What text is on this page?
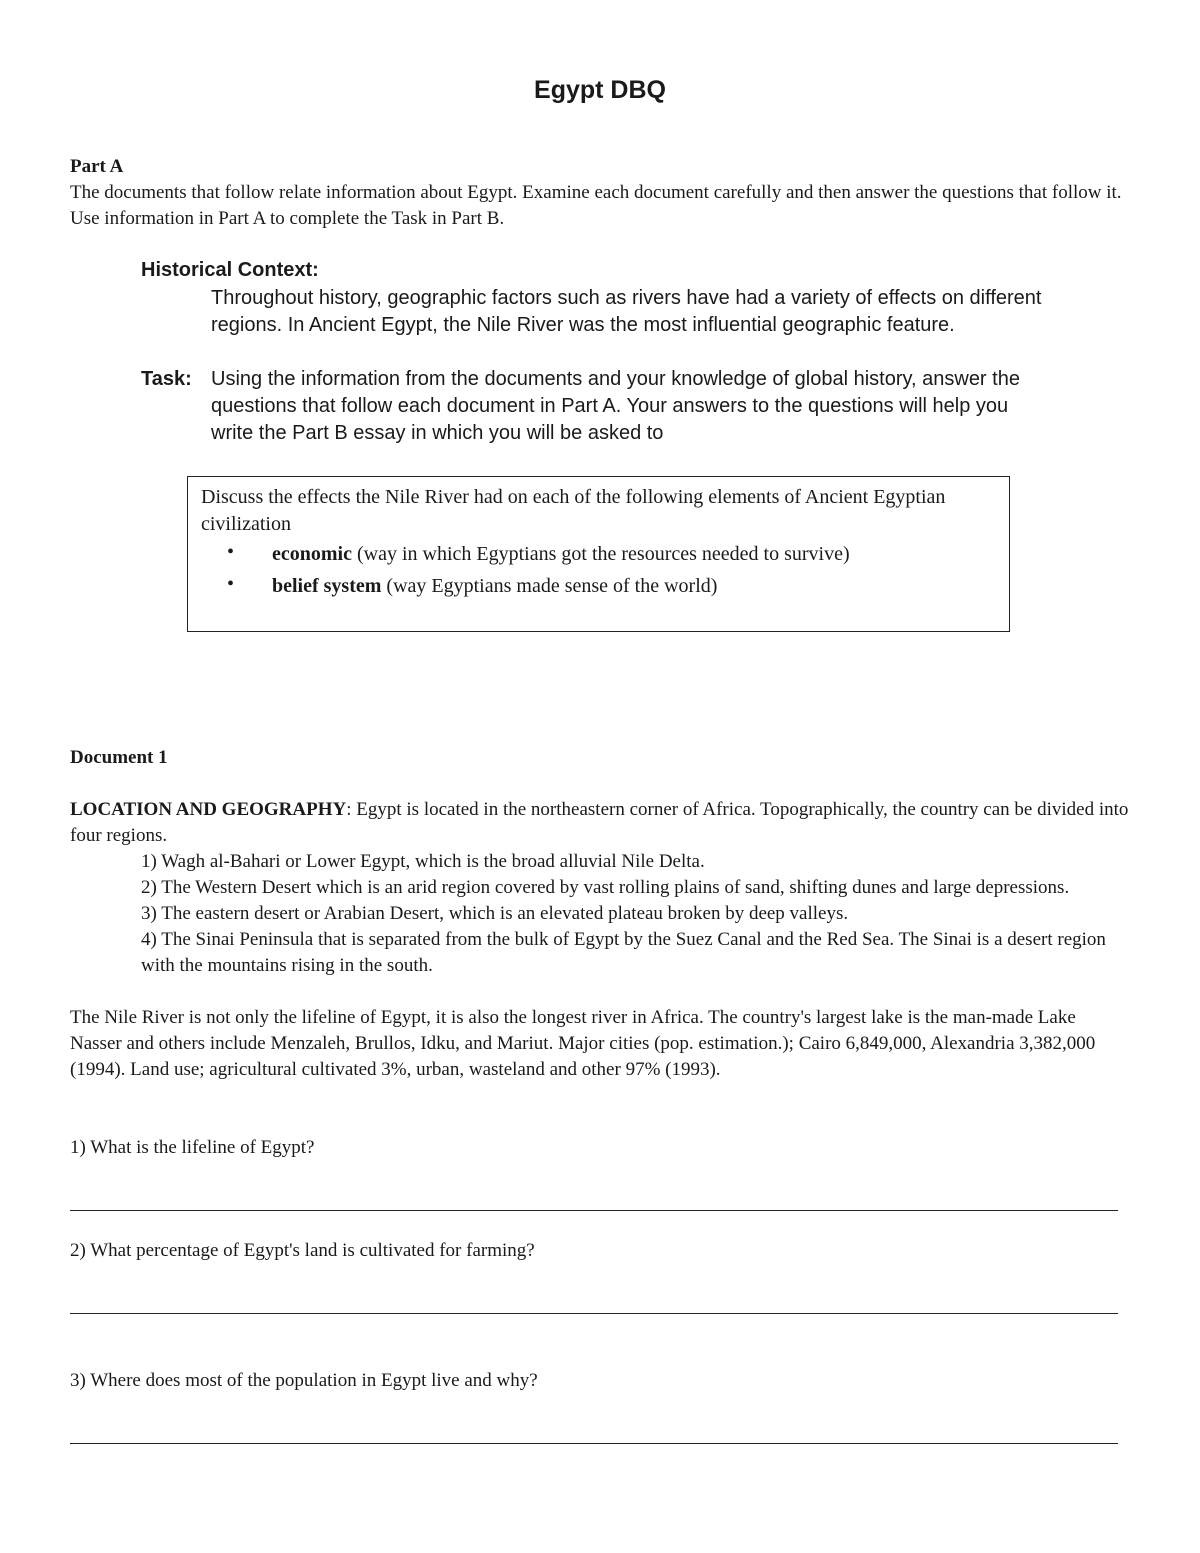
Egypt DBQ
Part A
The documents that follow relate information about Egypt. Examine each document carefully and then answer the questions that follow it. Use information in Part A to complete the Task in Part B.
Historical Context:
Throughout history, geographic factors such as rivers have had a variety of effects on different regions. In Ancient Egypt, the Nile River was the most influential geographic feature.
Task: Using the information from the documents and your knowledge of global history, answer the questions that follow each document in Part A. Your answers to the questions will help you write the Part B essay in which you will be asked to
Discuss the effects the Nile River had on each of the following elements of Ancient Egyptian civilization
• economic (way in which Egyptians got the resources needed to survive)
• belief system (way Egyptians made sense of the world)
Document 1
LOCATION AND GEOGRAPHY: Egypt is located in the northeastern corner of Africa. Topographically, the country can be divided into four regions.
1) Wagh al-Bahari or Lower Egypt, which is the broad alluvial Nile Delta.
2) The Western Desert which is an arid region covered by vast rolling plains of sand, shifting dunes and large depressions.
3) The eastern desert or Arabian Desert, which is an elevated plateau broken by deep valleys.
4) The Sinai Peninsula that is separated from the bulk of Egypt by the Suez Canal and the Red Sea. The Sinai is a desert region with the mountains rising in the south.
The Nile River is not only the lifeline of Egypt, it is also the longest river in Africa. The country's largest lake is the man-made Lake Nasser and others include Menzaleh, Brullos, Idku, and Mariut. Major cities (pop. estimation.); Cairo 6,849,000, Alexandria 3,382,000 (1994). Land use; agricultural cultivated 3%, urban, wasteland and other 97% (1993).
1) What is the lifeline of Egypt?
2) What percentage of Egypt's land is cultivated for farming?
3) Where does most of the population in Egypt live and why?
